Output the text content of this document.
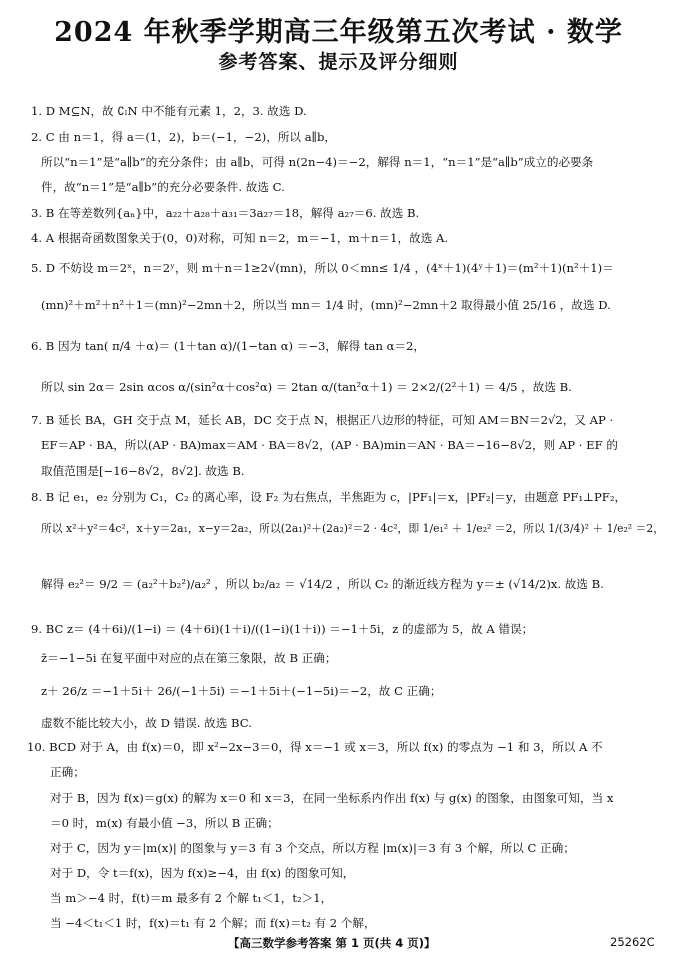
2024 年秋季学期高三年级第五次考试 · 数学
参考答案、提示及评分细则
1. D M⊆N，故 ∁ₗN 中不能有元素 1，2，3. 故选 D.
2. C 由 n＝1，得 a＝(1，2)，b＝(−1，−2)，所以 a∥b，
所以“n＝1”是“a∥b”的充分条件；由 a∥b，可得 n(2n−4)＝−2，解得 n＝1，“n＝1”是“a∥b”成立的必要条
件，故“n＝1”是“a∥b”的充分必要条件. 故选 C.
3. B 在等差数列{aₙ}中，a₂₂＋a₂₈＋a₃₁＝3a₂₇＝18，解得 a₂₇＝6. 故选 B.
4. A 根据奇函数图象关于(0，0)对称，可知 n＝2，m＝−1，m＋n＝1，故选 A.
5. D 不妨设 m＝2ˣ，n＝2ʸ，则 m＋n＝1≥2√(mn)，所以 0＜mn≤ 1/4 ，(4ˣ＋1)(4ʸ＋1)＝(m²＋1)(n²＋1)＝
(mn)²＋m²＋n²＋1＝(mn)²−2mn＋2，所以当 mn＝ 1/4 时，(mn)²−2mn＋2 取得最小值 25/16 ，故选 D.
6. B 因为 tan( π/4 ＋α)＝ (1＋tan α)/(1−tan α) ＝−3，解得 tan α＝2，
所以 sin 2α＝ 2sin αcos α/(sin²α＋cos²α) ＝ 2tan α/(tan²α＋1) ＝ 2×2/(2²＋1) ＝ 4/5 ，故选 B.
7. B 延长 BA，GH 交于点 M，延长 AB，DC 交于点 N，根据正八边形的特征，可知 AM＝BN＝2√2，又 AP ·
EF＝AP · BA，所以(AP · BA)max＝AM · BA＝8√2，(AP · BA)min＝AN · BA＝−16−8√2，则 AP · EF 的
取值范围是[−16−8√2，8√2]. 故选 B.
8. B 记 e₁，e₂ 分别为 C₁，C₂ 的离心率，设 F₂ 为右焦点，半焦距为 c，|PF₁|＝x，|PF₂|＝y，由题意 PF₁⊥PF₂，
所以 x²＋y²＝4c²，x＋y＝2a₁，x−y＝2a₂，所以(2a₁)²＋(2a₂)²＝2 · 4c²，即 1/e₁² ＋ 1/e₂² ＝2，所以 1/(3/4)² ＋ 1/e₂² ＝2，
解得 e₂²＝ 9/2 ＝ (a₂²＋b₂²)/a₂² ，所以 b₂/a₂ ＝ √14/2 ，所以 C₂ 的渐近线方程为 y＝± (√14/2)x. 故选 B.
9. BC z＝ (4＋6i)/(1−i) ＝ (4＋6i)(1＋i)/((1−i)(1＋i)) ＝−1＋5i，z 的虚部为 5，故 A 错误；
z̄＝−1−5i 在复平面中对应的点在第三象限，故 B 正确；
z＋ 26/z ＝−1＋5i＋ 26/(−1＋5i) ＝−1＋5i＋(−1−5i)＝−2，故 C 正确；
虚数不能比较大小，故 D 错误. 故选 BC.
10. BCD 对于 A，由 f(x)＝0，即 x²−2x−3＝0，得 x＝−1 或 x＝3，所以 f(x) 的零点为 −1 和 3，所以 A 不
正确；
对于 B，因为 f(x)＝g(x) 的解为 x＝0 和 x＝3，在同一坐标系内作出 f(x) 与 g(x) 的图象，由图象可知，当 x
＝0 时，m(x) 有最小值 −3，所以 B 正确；
对于 C，因为 y＝|m(x)| 的图象与 y＝3 有 3 个交点，所以方程 |m(x)|＝3 有 3 个解，所以 C 正确；
对于 D，令 t＝f(x)，因为 f(x)≥−4，由 f(x) 的图象可知，
当 m＞−4 时，f(t)＝m 最多有 2 个解 t₁＜1，t₂＞1，
当 −4＜t₁＜1 时，f(x)＝t₁ 有 2 个解；而 f(x)＝t₂ 有 2 个解，
【高三数学参考答案 第 1 页(共 4 页)】	25262C
